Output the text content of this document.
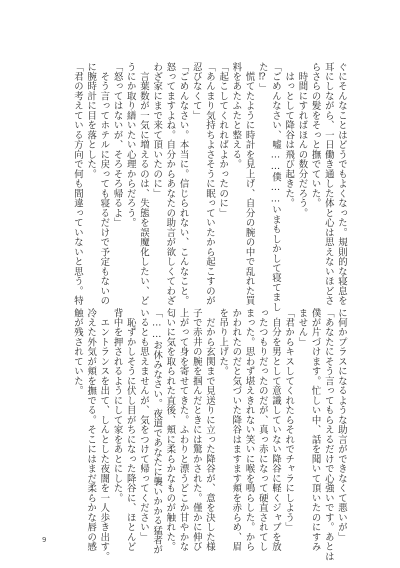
ぐにそんなことはどうでもよくなった。規則的な寝息を
耳にしながら、一日働き通した体と心は思えないほどさ
らさらの髪をそっと撫でていた。
　時間にすればほんの数分だろう。
　はっとして降谷は飛び起きた。
「ごめんなさい、嘘……僕……いまもしかして寝てまし
た⁉」
　慌てたように時計を見上げ、自分の腕の中で乱れた買
料をあたふたと整える。
「起こしてくれればよかったのに」
「あんまり気持ちよさそうに眠っていたから起こすのが
忍びなくて」
「ごめんなさい。本当に。信じられない、こんなこと。
怒ってますよね。自分からあなたの助言が欲しくてわざ
わざ家にまで来て頂いたのに」
　言葉数が一気に増えるのは、失態を誤魔化したい、ど
うにか取り繕いたい心理からだろう。
「怒ってはないが、そろそろ帰るよ」
　そう言ってホテルに戻っても寝るだけで予定もないの
に腕時計に目を落とした。
「君の考えている方向で何も間違っていないと思う。特
に何かプラスになるような助言ができなくて悪いが」
「あなたにそう言ってもらえるだけで心強いです。あとは
僕が片づけます。忙しい中、話を聞いて頂いたのにすみ
ません」
「君からキスしてくれたらそれでチャラにしよう」
　自分を男として意識していない降谷に軽くジャブを放
ったつもりだったのだが、真っ赤になって硬直されてし
まった。思わず堪えきれない笑いに喉を鳴らした。から
かわれたのだと気づいた降谷はますます頬を赤らめ、眉
を吊り上げた。
　だから玄関まで見送りに立った降谷が、意を決した様
子で赤井の腕を掴んだときには驚かされた。僅かに伸び
上がって身を寄せてきた。ふわりと漂うどこか甘やかな
匂いに気を取られた直後、頬に柔らかなものが触れた。
「……お休みなさい。夜道であなたに襲いかかる猛者が
いるとも思えませんが、気をつけて帰ってください」
　恥ずかしそうに伏し目がちになった降谷に、ほとんど
背中を押されるようにして家をあとにした。
　エントランスを出て、しんとした夜闇を一人歩き出す。
冷えた外気が頬を撫でる。そこにはまだ柔らかな唇の感
触が残されていた。
9
